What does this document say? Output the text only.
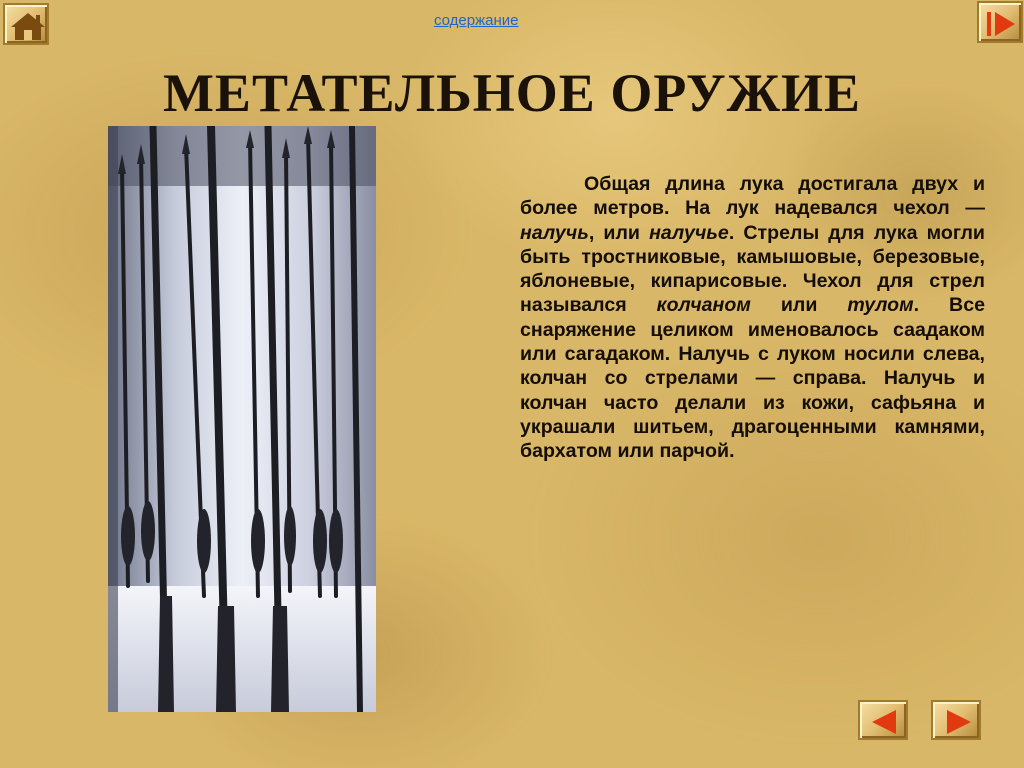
содержание
МЕТАТЕЛЬНОЕ ОРУЖИЕ

Общая длина лука достигала двух и более метров. На лук надевался чехол — налучь, или налучье. Стрелы для лука могли быть тростниковые, камышовые, березовые, яблоневые, кипарисовые. Чехол для стрел назывался колчаном или тулом. Все снаряжение целиком именовалось саадаком или сагадаком. Налучь с луком носили слева, колчан со стрелами — справа. Налучь и колчан часто делали из кожи, сафьяна и украшали шитьем, драгоценными камнями, бархатом или парчой.
